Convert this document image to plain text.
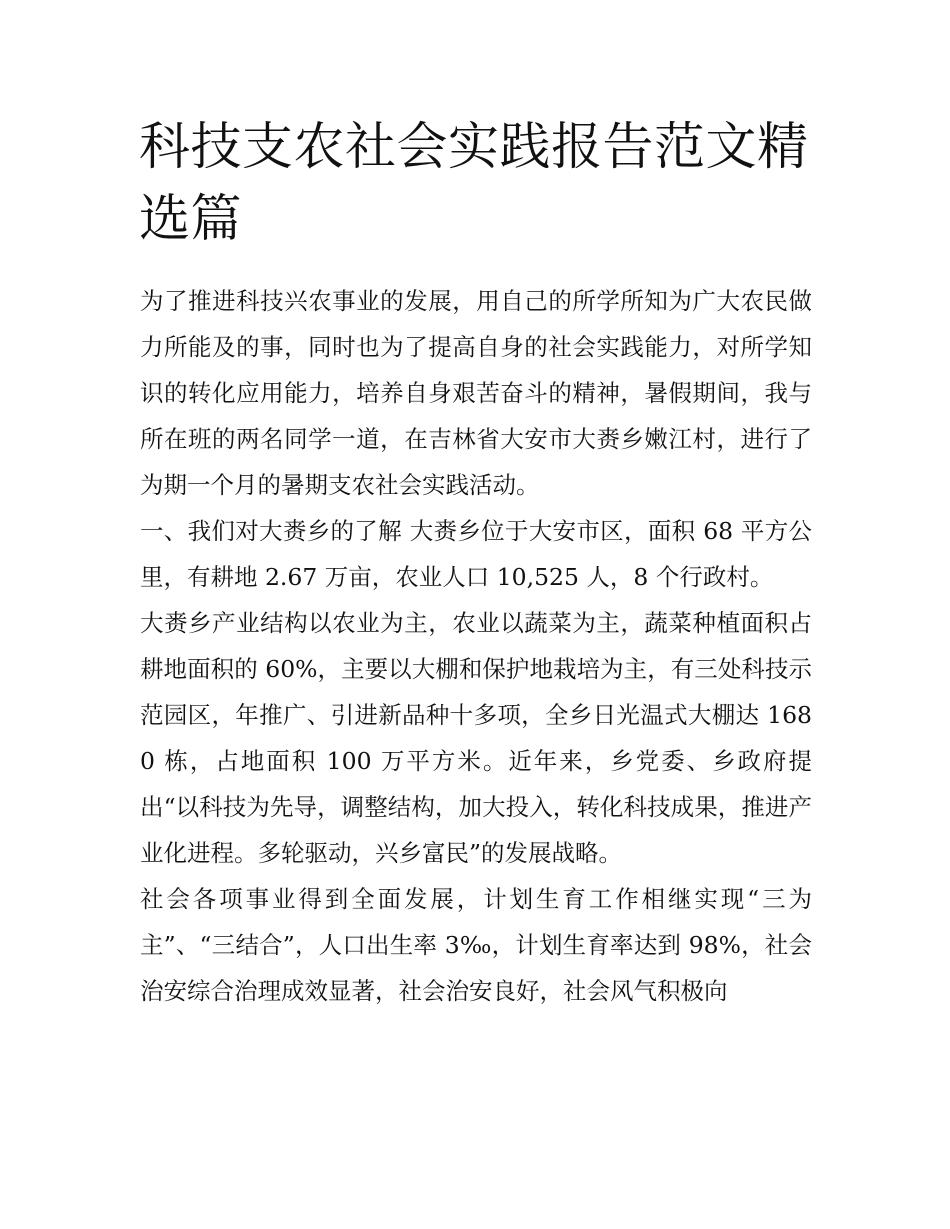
科技支农社会实践报告范文精选篇

为了推进科技兴农事业的发展，用自己的所学所知为广大农民做力所能及的事，同时也为了提高自身的社会实践能力，对所学知识的转化应用能力，培养自身艰苦奋斗的精神，暑假期间，我与所在班的两名同学一道，在吉林省大安市大赉乡嫩江村，进行了为期一个月的暑期支农社会实践活动。

一、我们对大赉乡的了解 大赉乡位于大安市区，面积 68 平方公里，有耕地 2.67 万亩，农业人口 10,525 人，8 个行政村。

大赉乡产业结构以农业为主，农业以蔬菜为主，蔬菜种植面积占耕地面积的 60%，主要以大棚和保护地栽培为主，有三处科技示范园区，年推广、引进新品种十多项，全乡日光温式大棚达 1680 栋，占地面积 100 万平方米。近年来，乡党委、乡政府提出“以科技为先导，调整结构，加大投入，转化科技成果，推进产业化进程。多轮驱动，兴乡富民”的发展战略。

社会各项事业得到全面发展，计划生育工作相继实现“三为主”、“三结合”，人口出生率 3‰，计划生育率达到 98%，社会治安综合治理成效显著，社会治安良好，社会风气积极向
